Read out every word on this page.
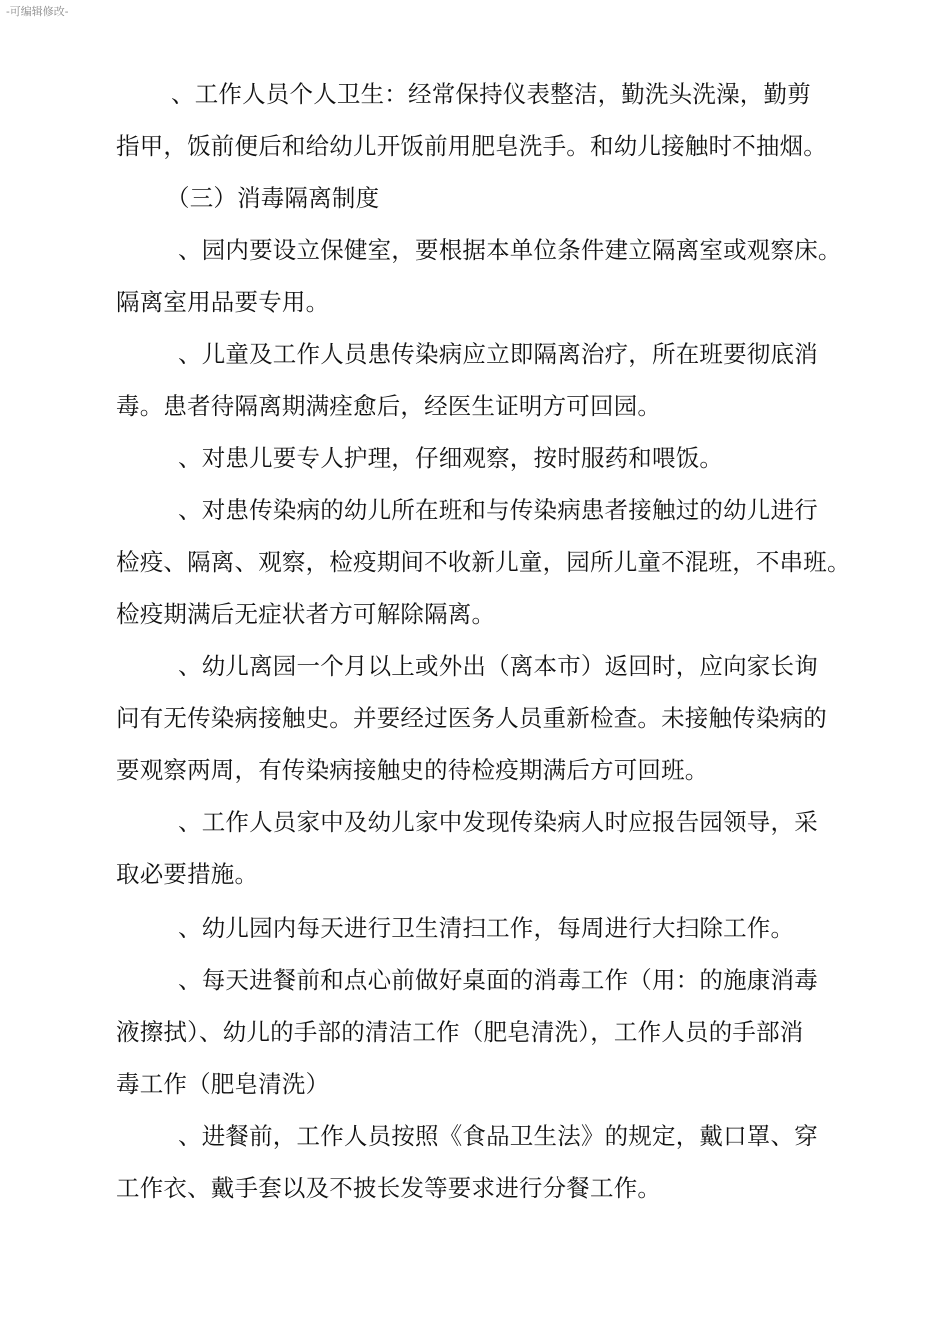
-可编辑修改-
、工作人员个人卫生：经常保持仪表整洁，勤洗头洗澡，勤剪
指甲，饭前便后和给幼儿开饭前用肥皂洗手。和幼儿接触时不抽烟。
（三）消毒隔离制度
、园内要设立保健室，要根据本单位条件建立隔离室或观察床。
隔离室用品要专用。
、儿童及工作人员患传染病应立即隔离治疗，所在班要彻底消
毒。患者待隔离期满痊愈后，经医生证明方可回园。
、对患儿要专人护理，仔细观察，按时服药和喂饭。
、对患传染病的幼儿所在班和与传染病患者接触过的幼儿进行
检疫、隔离、观察，检疫期间不收新儿童，园所儿童不混班，不串班。
检疫期满后无症状者方可解除隔离。
、幼儿离园一个月以上或外出（离本市）返回时，应向家长询
问有无传染病接触史。并要经过医务人员重新检查。未接触传染病的
要观察两周，有传染病接触史的待检疫期满后方可回班。
、工作人员家中及幼儿家中发现传染病人时应报告园领导，采
取必要措施。
、幼儿园内每天进行卫生清扫工作，每周进行大扫除工作。
、每天进餐前和点心前做好桌面的消毒工作（用：的施康消毒
液擦拭）、幼儿的手部的清洁工作（肥皂清洗），工作人员的手部消
毒工作（肥皂清洗）
、进餐前，工作人员按照《食品卫生法》的规定，戴口罩、穿
工作衣、戴手套以及不披长发等要求进行分餐工作。
